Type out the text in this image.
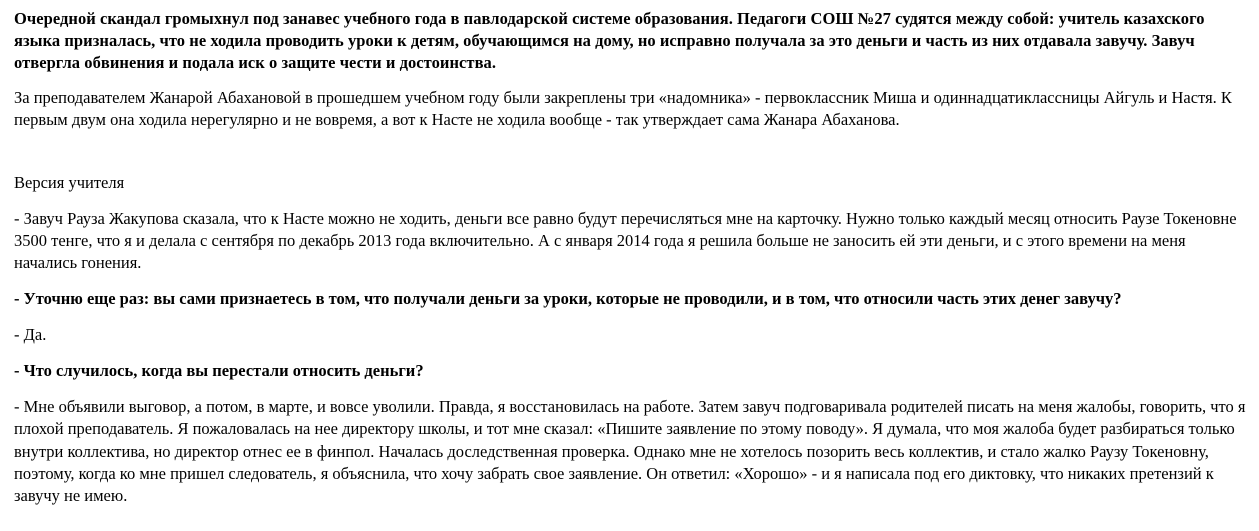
Очередной скандал громыхнул под занавес учебного года в павлодарской системе образования. Педагоги СОШ №27 судятся между собой: учитель казахского языка призналась, что не ходила проводить уроки к детям, обучающимся на дому, но исправно получала за это деньги и часть из них отдавала завучу. Завуч отвергла обвинения и подала иск о защите чести и достоинства.

За преподавателем Жанарой Абахановой в прошедшем учебном году были закреплены три «надомника» - первоклассник Миша и одиннадцатиклассницы Айгуль и Настя. К первым двум она ходила нерегулярно и не вовремя, а вот к Насте не ходила вообще - так утверждает сама Жанара Абаханова.

Версия учителя

- Завуч Рауза Жакупова сказала, что к Насте можно не ходить, деньги все равно будут перечисляться мне на карточку. Нужно только каждый месяц относить Раузе Токеновне 3500 тенге, что я и делала с сентября по декабрь 2013 года включительно. А с января 2014 года я решила больше не заносить ей эти деньги, и с этого времени на меня начались гонения.

- Уточню еще раз: вы сами признаетесь в том, что получали деньги за уроки, которые не проводили, и в том, что относили часть этих денег завучу?

- Да.

- Что случилось, когда вы перестали относить деньги?

- Мне объявили выговор, а потом, в марте, и вовсе уволили. Правда, я восстановилась на работе. Затем завуч подговаривала родителей писать на меня жалобы, говорить, что я плохой преподаватель. Я пожаловалась на нее директору школы, и тот мне сказал: «Пишите заявление по этому поводу». Я думала, что моя жалоба будет разбираться только внутри коллектива, но директор отнес ее в финпол. Началась доследственная проверка. Однако мне не хотелось позорить весь коллектив, и стало жалко Раузу Токеновну, поэтому, когда ко мне пришел следователь, я объяснила, что хочу забрать свое заявление. Он ответил: «Хорошо» - и я написала под его диктовку, что никаких претензий к завучу не имею.
